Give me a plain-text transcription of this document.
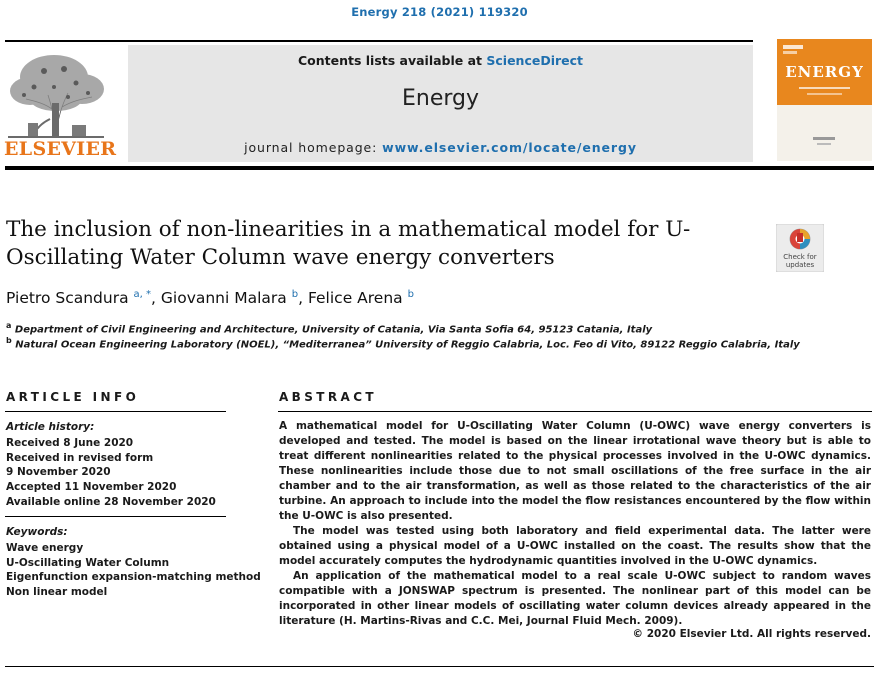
Energy 218 (2021) 119320
ELSEVIER
Contents lists available at ScienceDirect
Energy
journal homepage: www.elsevier.com/locate/energy
ENERGY
The inclusion of non-linearities in a mathematical model for U-Oscillating Water Column wave energy converters	Check for
updates
Pietro Scandura $^{a, *}$, Giovanni Malara $^b$, Felice Arena $^b$
$^a$ Department of Civil Engineering and Architecture, University of Catania, Via Santa Sofia 64, 95123 Catania, Italy
$^b$ Natural Ocean Engineering Laboratory (NOEL), “Mediterranea” University of Reggio Calabria, Loc. Feo di Vito, 89122 Reggio Calabria, Italy
ARTICLE INFO
Article history:
Received 8 June 2020
Received in revised form
9 November 2020
Accepted 11 November 2020
Available online 28 November 2020
Keywords:
Wave energy
U-Oscillating Water Column
Eigenfunction expansion-matching method
Non linear model
ABSTRACT

A mathematical model for U-Oscillating Water Column (U-OWC) wave energy converters is developed and tested. The model is based on the linear irrotational wave theory but is able to treat different nonlinearities related to the physical processes involved in the U-OWC dynamics. These nonlinearities include those due to not small oscillations of the free surface in the air chamber and to the air transformation, as well as those related to the characteristics of the air turbine. An approach to include into the model the flow resistances encountered by the flow within the U-OWC is also presented.

The model was tested using both laboratory and field experimental data. The latter were obtained using a physical model of a U-OWC installed on the coast. The results show that the model accurately computes the hydrodynamic quantities involved in the U-OWC dynamics.

An application of the mathematical model to a real scale U-OWC subject to random waves compatible with a JONSWAP spectrum is presented. The nonlinear part of this model can be incorporated in other linear models of oscillating water column devices already appeared in the literature (H. Martins-Rivas and C.C. Mei, Journal Fluid Mech. 2009).

© 2020 Elsevier Ltd. All rights reserved.
